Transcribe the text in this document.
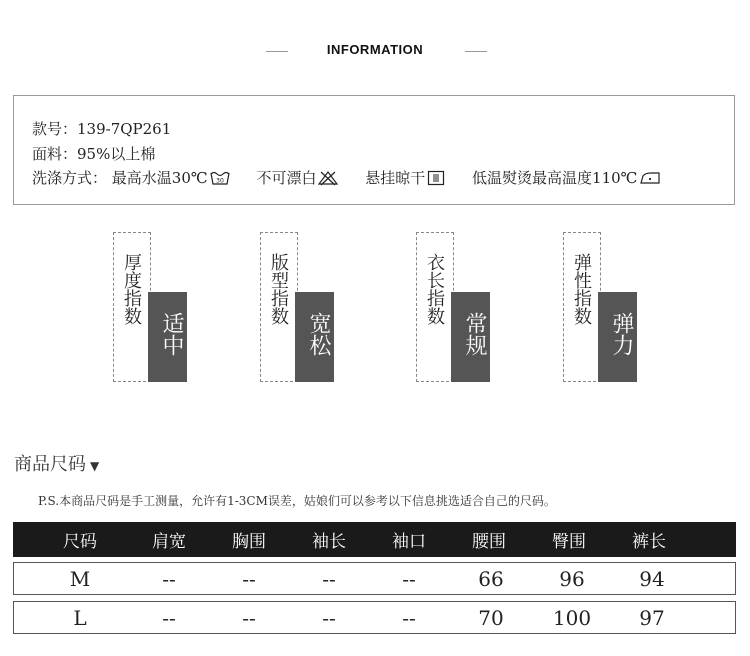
INFORMATION
款号：139-7QP261
面料：95%以上棉
洗涤方式： 最高水温30℃ 30
不可漂白
	悬挂晾干
	低温熨烫最高温度110℃
厚度指数
适中
版型指数
宽松
衣长指数
常规
弹性指数
弹力
商品尺码 ▼
P.S.本商品尺码是手工测量，允许有1-3CM误差，姑娘们可以参考以下信息挑选适合自己的尺码。
尺码	肩宽	胸围	袖长	袖口	腰围	臀围	裤长
M	--	--	--	--	66	96	94
L	--	--	--	--	70	100	97
